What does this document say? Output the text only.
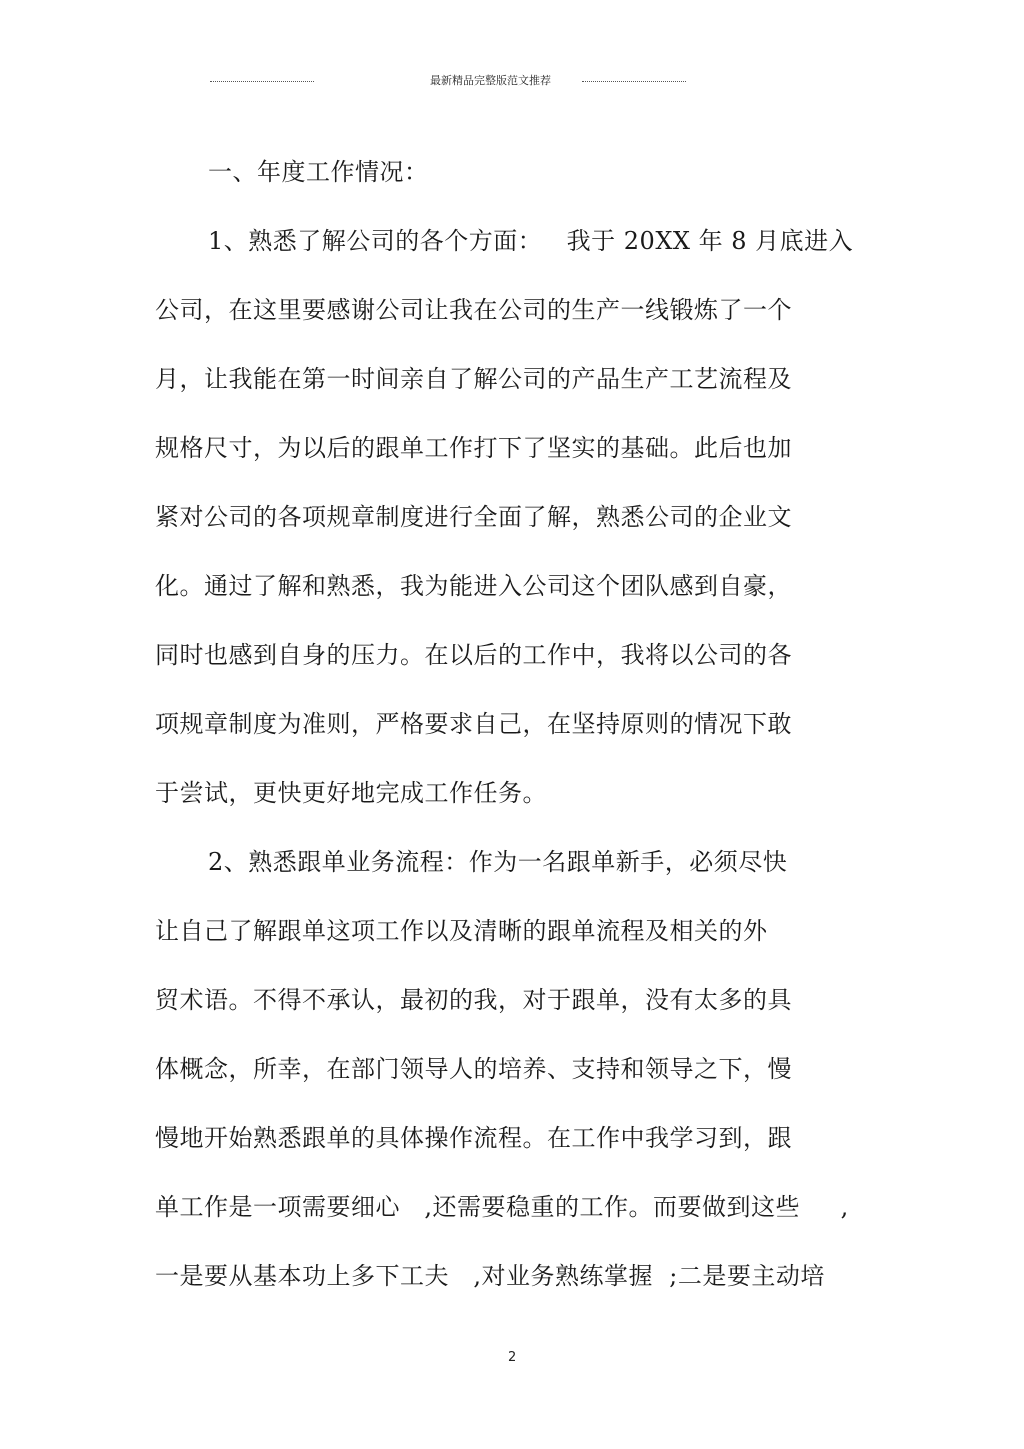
最新精品完整版范文推荐
一、年度工作情况：
1、熟悉了解公司的各个方面：   我于 20XX 年 8 月底进入
公司，在这里要感谢公司让我在公司的生产一线锻炼了一个
月，让我能在第一时间亲自了解公司的产品生产工艺流程及
规格尺寸，为以后的跟单工作打下了坚实的基础。此后也加
紧对公司的各项规章制度进行全面了解，熟悉公司的企业文
化。通过了解和熟悉，我为能进入公司这个团队感到自豪，
同时也感到自身的压力。在以后的工作中，我将以公司的各
项规章制度为准则，严格要求自己，在坚持原则的情况下敢
于尝试，更快更好地完成工作任务。
2、熟悉跟单业务流程：作为一名跟单新手，必须尽快
让自己了解跟单这项工作以及清晰的跟单流程及相关的外
贸术语。不得不承认，最初的我，对于跟单，没有太多的具
体概念，所幸，在部门领导人的培养、支持和领导之下，慢
慢地开始熟悉跟单的具体操作流程。在工作中我学习到，跟
单工作是一项需要细心   ,还需要稳重的工作。而要做到这些     ,
一是要从基本功上多下工夫   ,对业务熟练掌握  ;二是要主动培
2
